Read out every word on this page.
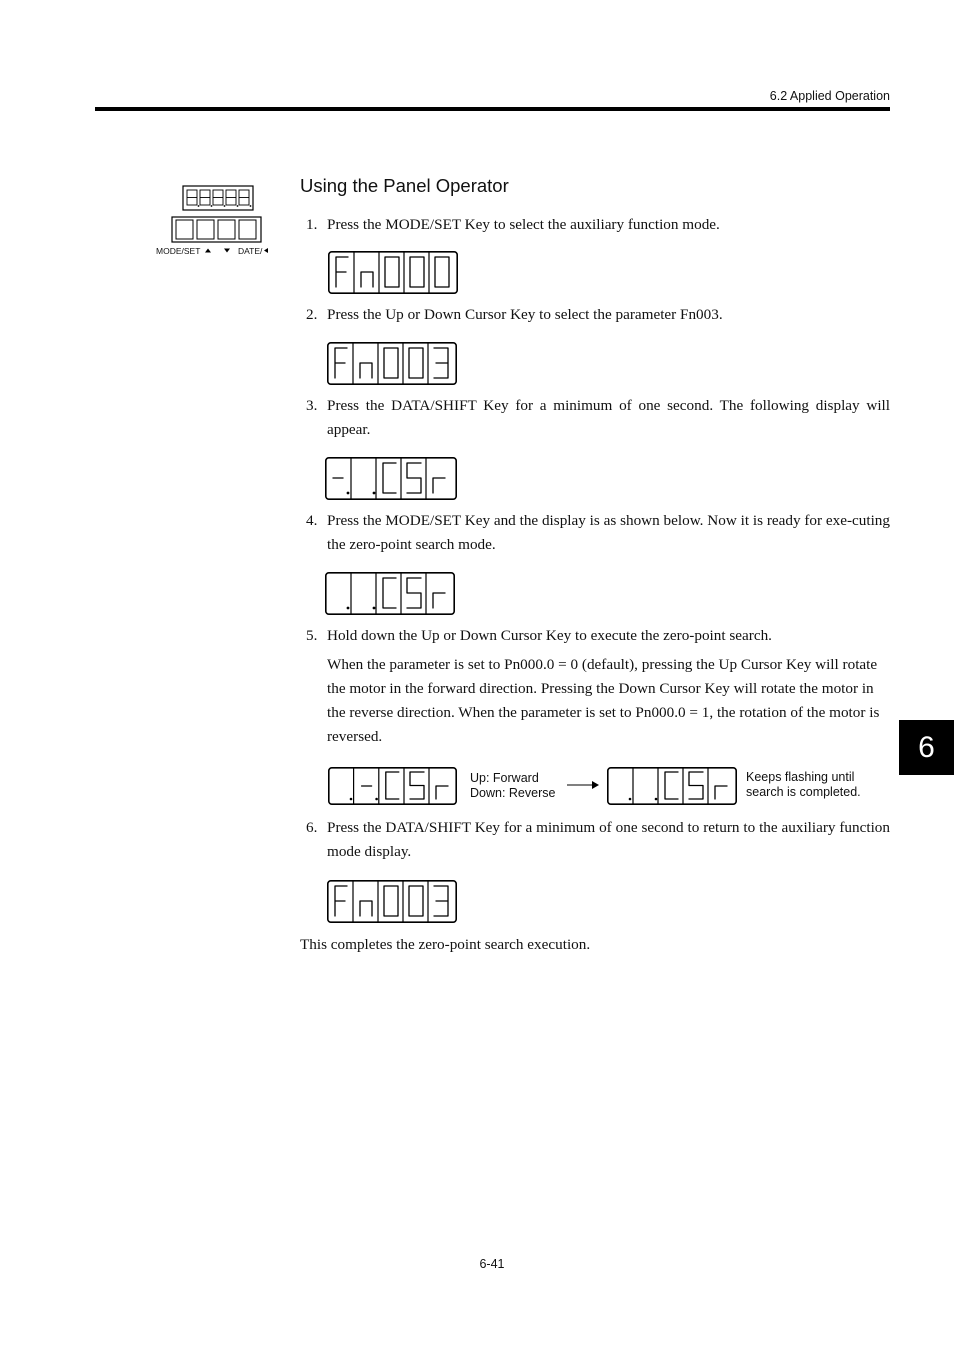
6.2 Applied Operation
MODE/SET	DATE/
Using the Panel Operator
1. Press the MODE/SET Key to select the auxiliary function mode.
2. Press the Up or Down Cursor Key to select the parameter Fn003.
3. Press the DATA/SHIFT Key for a minimum of one second. The following display will appear.
4. Press the MODE/SET Key and the display is as shown below. Now it is ready for exe-cuting the zero-point search mode.
5. Hold down the Up or Down Cursor Key to execute the zero-point search.
When the parameter is set to Pn000.0 = 0 (default), pressing the Up Cursor Key will rotate the motor in the forward direction. Pressing the Down Cursor Key will rotate the motor in the reverse direction. When the parameter is set to Pn000.0 = 1, the rotation of the motor is reversed.
Up: Forward
Down: Reverse
Keeps flashing until
search is completed.
6. Press the DATA/SHIFT Key for a minimum of one second to return to the auxiliary function mode display.
This completes the zero-point search execution.
6
6-41
